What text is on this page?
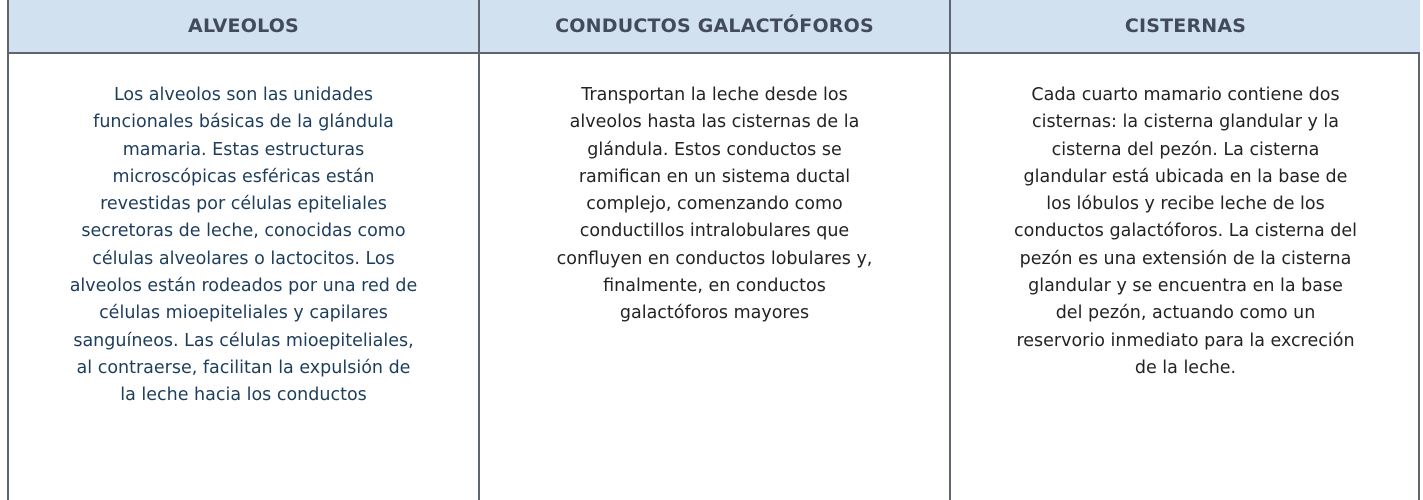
ALVEOLOS	CONDUCTOS GALACTÓFOROS	CISTERNAS

Los alveolos son las unidades funcionales básicas de la glándula mamaria. Estas estructuras microscópicas esféricas están revestidas por células epiteliales secretoras de leche, conocidas como células alveolares o lactocitos. Los alveolos están rodeados por una red de células mioepiteliales y capilares sanguíneos. Las células mioepiteliales, al contraerse, facilitan la expulsión de la leche hacia los conductos

Transportan la leche desde los alveolos hasta las cisternas de la glándula. Estos conductos se ramifican en un sistema ductal complejo, comenzando como conductillos intralobulares que confluyen en conductos lobulares y, finalmente, en conductos galactóforos mayores

Cada cuarto mamario contiene dos cisternas: la cisterna glandular y la cisterna del pezón. La cisterna glandular está ubicada en la base de los lóbulos y recibe leche de los conductos galactóforos. La cisterna del pezón es una extensión de la cisterna glandular y se encuentra en la base del pezón, actuando como un reservorio inmediato para la excreción de la leche.
